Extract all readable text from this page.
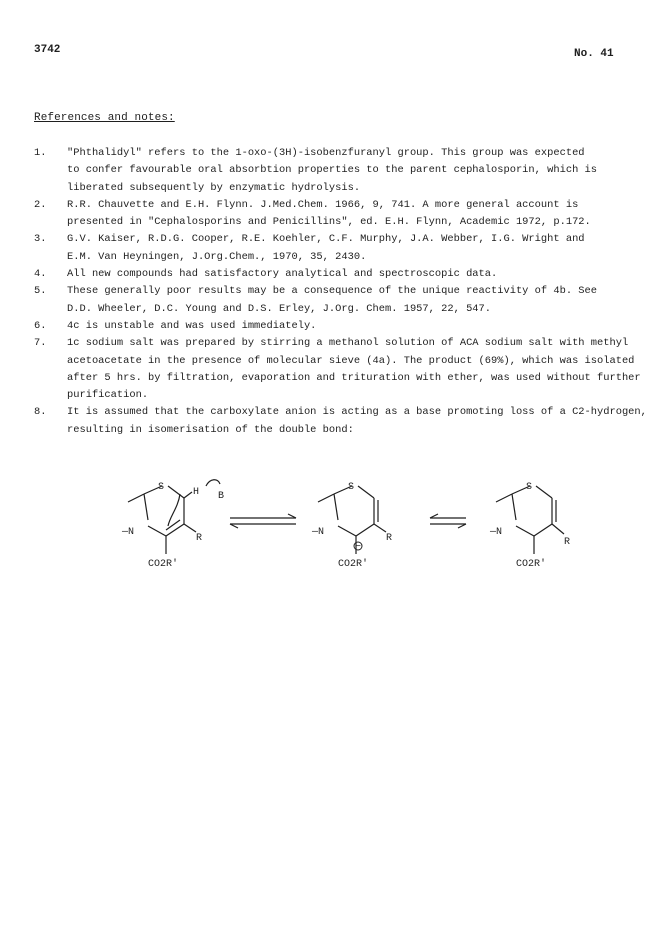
3742	No. 41
References and notes:
1. "Phthalidyl" refers to the 1-oxo-(3H)-isobenzfuranyl group. This group was expected
to confer favourable oral absorbtion properties to the parent cephalosporin, which is
liberated subsequently by enzymatic hydrolysis.
2. R.R. Chauvette and E.H. Flynn. J.Med.Chem. 1966, 9, 741. A more general account is
presented in "Cephalosporins and Penicillins", ed. E.H. Flynn, Academic 1972, p.172.
3. G.V. Kaiser, R.D.G. Cooper, R.E. Koehler, C.F. Murphy, J.A. Webber, I.G. Wright and
E.M. Van Heyningen, J.Org.Chem., 1970, 35, 2430.
4. All new compounds had satisfactory analytical and spectroscopic data.
5. These generally poor results may be a consequence of the unique reactivity of 4b. See
D.D. Wheeler, D.C. Young and D.S. Erley, J.Org. Chem. 1957, 22, 547.
6. 4c is unstable and was used immediately.
7. 1c sodium salt was prepared by stirring a methanol solution of ACA sodium salt with methyl
acetoacetate in the presence of molecular sieve (4a). The product (69%), which was isolated
after 5 hrs. by filtration, evaporation and trituration with ether, was used without further
purification.
8. It is assumed that the carboxylate anion is acting as a base promoting loss of a C2-hydrogen,
resulting in isomerisation of the double bond:
S	H B
—N
R
CO2R'
−
S
—N
R
CO2R'
S
—N
R
CO2R'
